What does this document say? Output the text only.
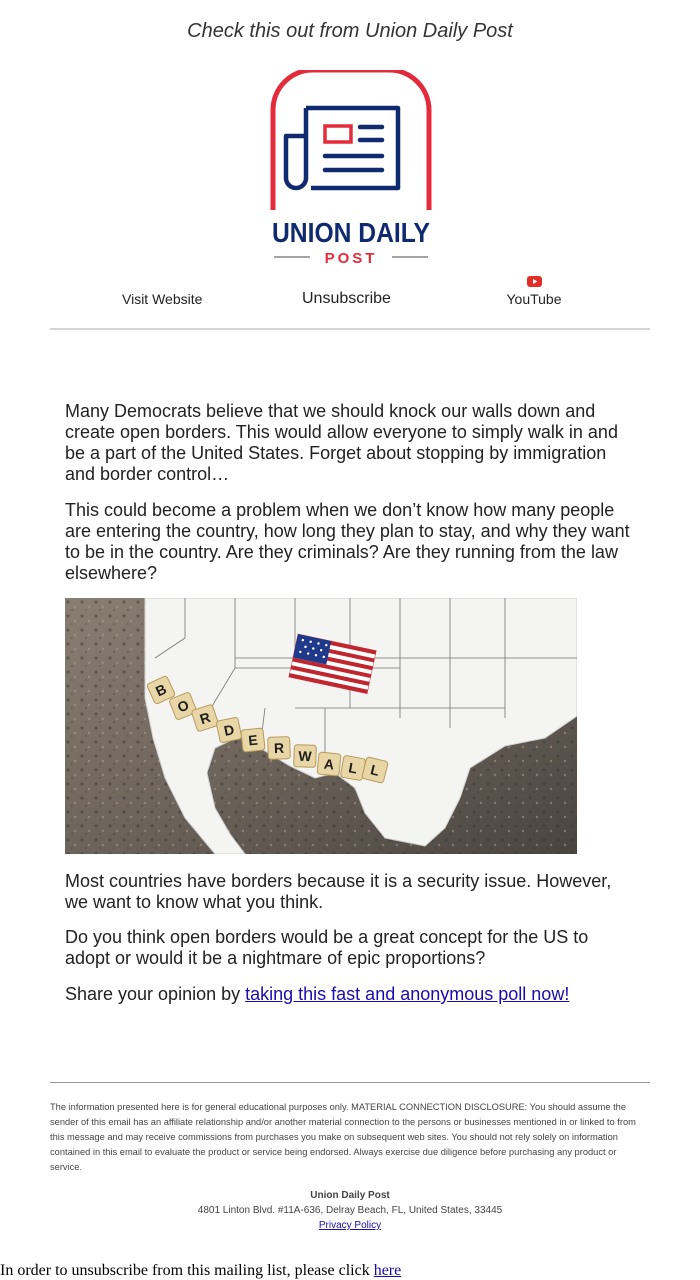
Check this out from Union Daily Post
UNION DAILY
POST
Visit Website	Unsubscribe	YouTube

Many Democrats believe that we should knock our walls down and create open borders. This would allow everyone to simply walk in and be a part of the United States. Forget about stopping by immigration and border control…

This could become a problem when we don’t know how many people are entering the country, how long they plan to stay, and why they want to be in the country. Are they criminals? Are they running from the law elsewhere?

B
O
R
D
E R W A L L

Most countries have borders because it is a security issue. However, we want to know what you think.

Do you think open borders would be a great concept for the US to adopt or would it be a nightmare of epic proportions?

Share your opinion by taking this fast and anonymous poll now!

The information presented here is for general educational purposes only. MATERIAL CONNECTION DISCLOSURE: You should assume the sender of this email has an affiliate relationship and/or another material connection to the persons or businesses mentioned in or linked to from this message and may receive commissions from purchases you make on subsequent web sites. You should not rely solely on information contained in this email to evaluate the product or service being endorsed. Always exercise due diligence before purchasing any product or service.
Union Daily Post
4801 Linton Blvd. #11A-636, Delray Beach, FL, United States, 33445
Privacy Policy
In order to unsubscribe from this mailing list, please click here
